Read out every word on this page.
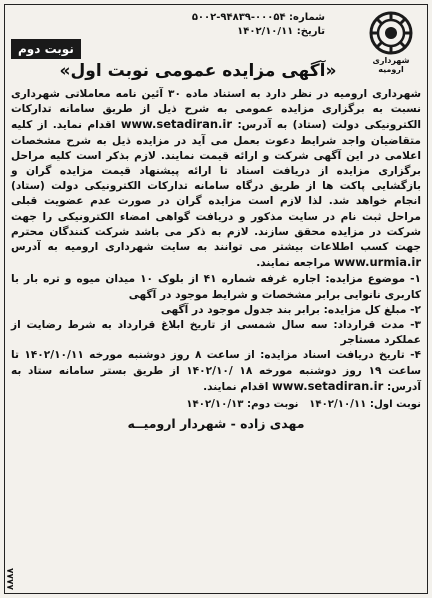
شهرداری ارومیه
شماره: ۵۰۰۲-۹۴۸۳۹-۰۰۰۵۴
تاریخ: ۱۴۰۲/۱۰/۱۱
نوبت دوم
«آگهی مزایده عمومی نوبت اول»

شهرداری ارومیه در نظر دارد به استناد ماده ۳۰ آئین نامه معاملاتی شهرداری نسبت به برگزاری مزایده عمومی به شرح ذیل از طریق سامانه تدارکات الکترونیکی دولت (ستاد) به آدرس: www.setadiran.ir اقدام نماید. از کلیه متقاضیان واجد شرایط دعوت بعمل می آید در مزایده ذیل به شرح مشخصات اعلامی در این آگهی شرکت و ارائه قیمت نمایند. لازم بذکر است کلیه مراحل برگزاری مزایده از دریافت اسناد تا ارائه پیشنهاد قیمت مزایده گران و بازگشایی پاکت ها از طریق درگاه سامانه تدارکات الکترونیکی دولت (ستاد) انجام خواهد شد. لذا لازم است مزایده گران در صورت عدم عضویت قبلی مراحل ثبت نام در سایت مذکور و دریافت گواهی امضاء الکترونیکی را جهت شرکت در مزایده محقق سازند. لازم به ذکر می باشد شرکت کنندگان محترم جهت کسب اطلاعات بیشتر می توانند به سایت شهرداری ارومیه به آدرس www.urmia.ir مراجعه نمایند.

۱- موضوع مزایده: اجاره غرفه شماره ۴۱ از بلوک ۱۰ میدان میوه و تره بار با کاربری نانوایی برابر مشخصات و شرایط موجود در آگهی

۲- مبلغ کل مزایده: برابر بند جدول موجود در آگهی

۳- مدت قرارداد: سه سال شمسی از تاریخ ابلاغ قرارداد به شرط رضایت از عملکرد مستاجر

۴- تاریخ دریافت اسناد مزایده: از ساعت ۸ روز دوشنبه مورخه ۱۴۰۲/۱۰/۱۱ تا ساعت ۱۹ روز دوشنبه مورخه ۱۸ /۱۴۰۲/۱۰ از طریق بستر سامانه ستاد به آدرس: www.setadiran.ir اقدام نمایند.

نوبت اول: ۱۴۰۲/۱۰/۱۱   نوبت دوم: ۱۴۰۲/۱۰/۱۳
مهدی زاده - شهردار ارومیــه
۸۸۸۸
